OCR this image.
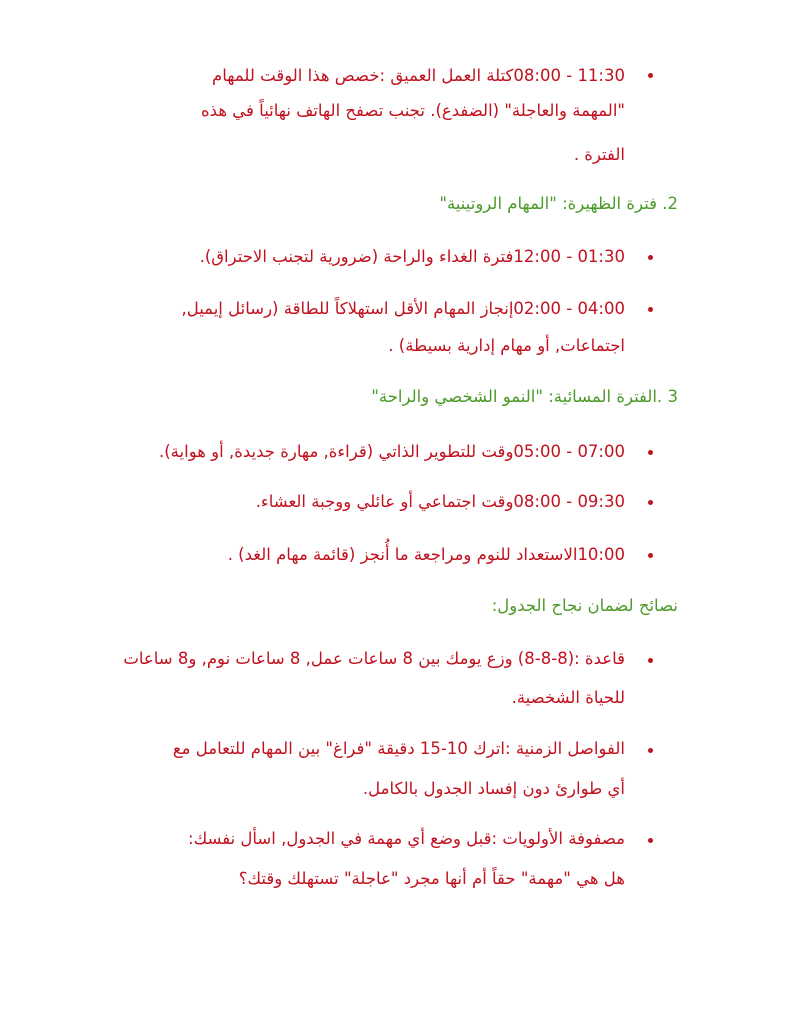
11:30 - 08:00كتلة العمل العميق :خصص هذا الوقت للمهام
"المهمة والعاجلة" (الضفدع). تجنب تصفح الهاتف نهائياً في هذه
الفترة .
2. فترة الظهيرة: "المهام الروتينية"
01:30 - 12:00فترة الغداء والراحة (ضرورية لتجنب الاحتراق).
04:00 - 02:00إنجاز المهام الأقل استهلاكاً للطاقة (رسائل إيميل,
اجتماعات, أو مهام إدارية بسيطة) .
3 .الفترة المسائية: "النمو الشخصي والراحة"
07:00 - 05:00وقت للتطوير الذاتي (قراءة, مهارة جديدة, أو هواية).
09:30 - 08:00وقت اجتماعي أو عائلي ووجبة العشاء.
10:00الاستعداد للنوم ومراجعة ما أُنجز (قائمة مهام الغد) .
نصائح لضمان نجاح الجدول:
قاعدة :(8-8-8) وزع يومك بين 8 ساعات عمل, 8 ساعات نوم, و8 ساعات
للحياة الشخصية.
الفواصل الزمنية :اترك 10-15 دقيقة "فراغ" بين المهام للتعامل مع
أي طوارئ دون إفساد الجدول بالكامل.
مصفوفة الأولويات :قبل وضع أي مهمة في الجدول, اسأل نفسك:
هل هي "مهمة" حقاً أم أنها مجرد "عاجلة" تستهلك وقتك؟
